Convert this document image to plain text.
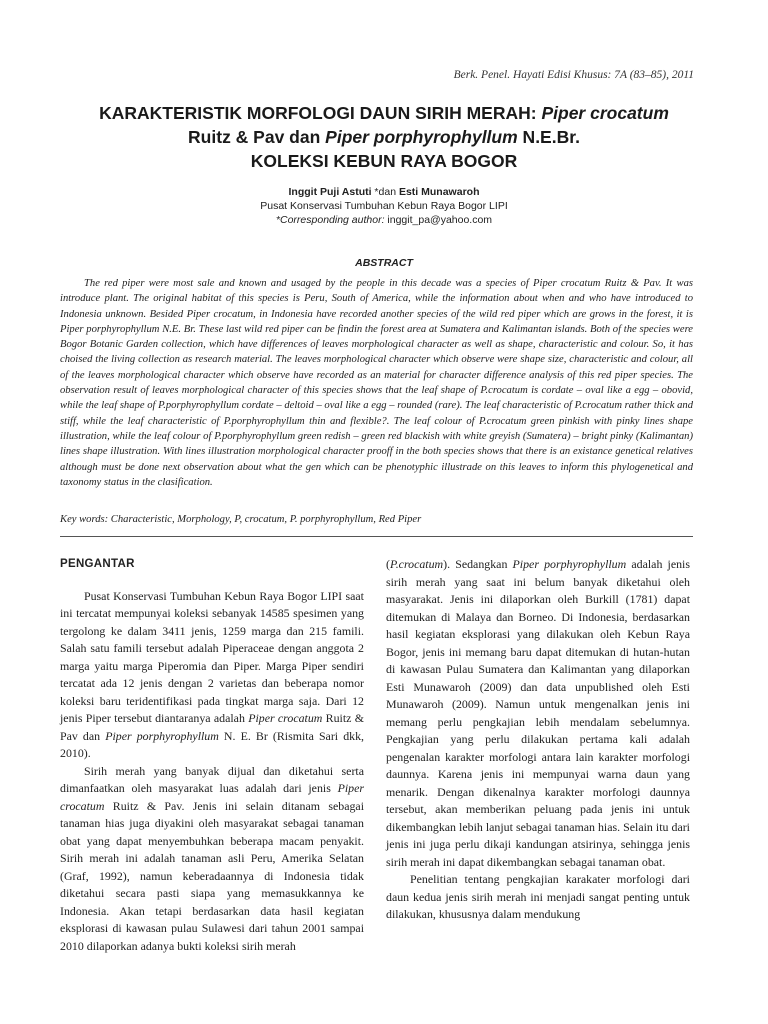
Berk. Penel. Hayati Edisi Khusus: 7A (83–85), 2011
KARAKTERISTIK MORFOLOGI DAUN SIRIH MERAH: Piper crocatum
Ruitz & Pav dan Piper porphyrophyllum N.E.Br.
KOLEKSI KEBUN RAYA BOGOR
Inggit Puji Astuti *dan Esti Munawaroh
Pusat Konservasi Tumbuhan Kebun Raya Bogor LIPI
*Corresponding author: inggit_pa@yahoo.com
ABSTRACT
The red piper were most sale and known and usaged by the people in this decade was a species of Piper crocatum Ruitz & Pav. It was introduce plant. The original habitat of this species is Peru, South of America, while the information about when and who have introduced to Indonesia unknown. Besided Piper crocatum, in Indonesia have recorded another species of the wild red piper which are grows in the forest, it is Piper porphyrophyllum N.E. Br. These last wild red piper can be findin the forest area at Sumatera and Kalimantan islands. Both of the species were Bogor Botanic Garden collection, which have differences of leaves morphological character as well as shape, characteristic and colour. So, it has choised the living collection as research material. The leaves morphological character which observe were shape size, characteristic and colour, all of the leaves morphological character which observe have recorded as an material for character difference analysis of this red piper species. The observation result of leaves morphological character of this species shows that the leaf shape of P.crocatum is cordate – oval like a egg – obovid, while the leaf shape of P.porphyrophyllum cordate – deltoid – oval like a egg – rounded (rare). The leaf characteristic of P.crocatum rather thick and stiff, while the leaf characteristic of P.porphyrophyllum thin and flexible?. The leaf colour of P.crocatum green pinkish with pinky lines shape illustration, while the leaf colour of P.porphyrophyllum green redish – green red blackish with white greyish (Sumatera) – bright pinky (Kalimantan) lines shape illustration. With lines illustration morphological character prooff in the both species shows that there is an existance genetical relatives although must be done next observation about what the gen which can be phenotyphic illustrade on this leaves to inform this phylogenetical and taxonomy status in the clasification.
Key words: Characteristic, Morphology, P, crocatum, P. porphyrophyllum, Red Piper
PENGANTAR

Pusat Konservasi Tumbuhan Kebun Raya Bogor LIPI saat ini tercatat mempunyai koleksi sebanyak 14585 spesimen yang tergolong ke dalam 3411 jenis, 1259 marga dan 215 famili. Salah satu famili tersebut adalah Piperaceae dengan anggota 2 marga yaitu marga Piperomia dan Piper. Marga Piper sendiri tercatat ada 12 jenis dengan 2 varietas dan beberapa nomor koleksi baru teridentifikasi pada tingkat marga saja. Dari 12 jenis Piper tersebut diantaranya adalah Piper crocatum Ruitz & Pav dan Piper porphyrophyllum N. E. Br (Rismita Sari dkk, 2010).

Sirih merah yang banyak dijual dan diketahui serta dimanfaatkan oleh masyarakat luas adalah dari jenis Piper crocatum Ruitz & Pav. Jenis ini selain ditanam sebagai tanaman hias juga diyakini oleh masyarakat sebagai tanaman obat yang dapat menyembuhkan beberapa macam penyakit. Sirih merah ini adalah tanaman asli Peru, Amerika Selatan (Graf, 1992), namun keberadaannya di Indonesia tidak diketahui secara pasti siapa yang memasukkannya ke Indonesia. Akan tetapi berdasarkan data hasil kegiatan eksplorasi di kawasan pulau Sulawesi dari tahun 2001 sampai 2010 dilaporkan adanya bukti koleksi sirih merah

(P.crocatum). Sedangkan Piper porphyrophyllum adalah jenis sirih merah yang saat ini belum banyak diketahui oleh masyarakat. Jenis ini dilaporkan oleh Burkill (1781) dapat ditemukan di Malaya dan Borneo. Di Indonesia, berdasarkan hasil kegiatan eksplorasi yang dilakukan oleh Kebun Raya Bogor, jenis ini memang baru dapat ditemukan di hutan-hutan di kawasan Pulau Sumatera dan Kalimantan yang dilaporkan Esti Munawaroh (2009) dan data unpublished oleh Esti Munawaroh (2009). Namun untuk mengenalkan jenis ini memang perlu pengkajian lebih mendalam sebelumnya. Pengkajian yang perlu dilakukan pertama kali adalah pengenalan karakter morfologi antara lain karakter morfologi daunnya. Karena jenis ini mempunyai warna daun yang menarik. Dengan dikenalnya karakter morfologi daunnya tersebut, akan memberikan peluang pada jenis ini untuk dikembangkan lebih lanjut sebagai tanaman hias. Selain itu dari jenis ini juga perlu dikaji kandungan atsirinya, sehingga jenis sirih merah ini dapat dikembangkan sebagai tanaman obat.

Penelitian tentang pengkajian karakater morfologi dari daun kedua jenis sirih merah ini menjadi sangat penting untuk dilakukan, khususnya dalam mendukung
